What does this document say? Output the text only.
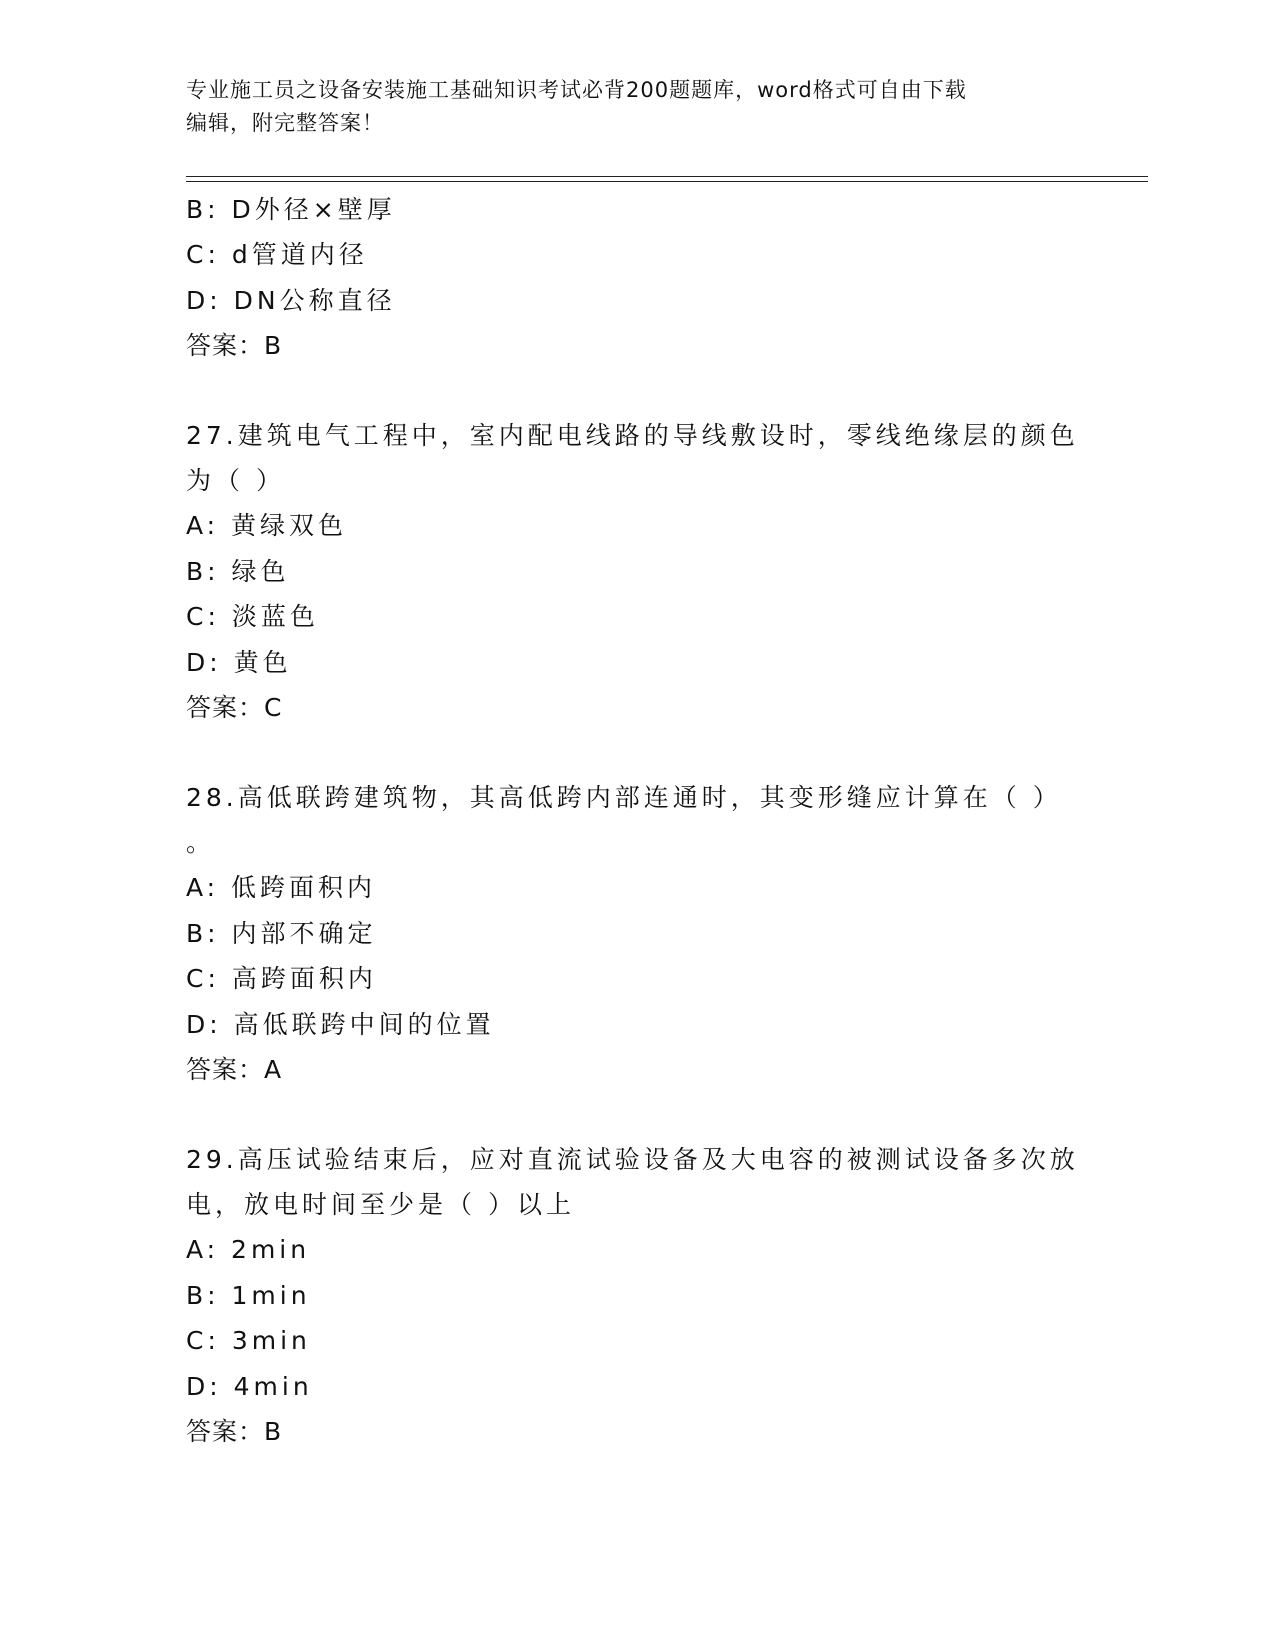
专业施工员之设备安装施工基础知识考试必背200题题库，word格式可自由下载
编辑，附完整答案！
B: D外径×壁厚
C: d管道内径
D: DN公称直径
答案：B
27.建筑电气工程中，室内配电线路的导线敷设时，零线绝缘层的颜色
为（ ）
A: 黄绿双色
B: 绿色
C: 淡蓝色
D: 黄色
答案：C
28.高低联跨建筑物，其高低跨内部连通时，其变形缝应计算在（ ）
。
A: 低跨面积内
B: 内部不确定
C: 高跨面积内
D: 高低联跨中间的位置
答案：A
29.高压试验结束后，应对直流试验设备及大电容的被测试设备多次放
电，放电时间至少是（ ）以上
A: 2min
B: 1min
C: 3min
D: 4min
答案：B
